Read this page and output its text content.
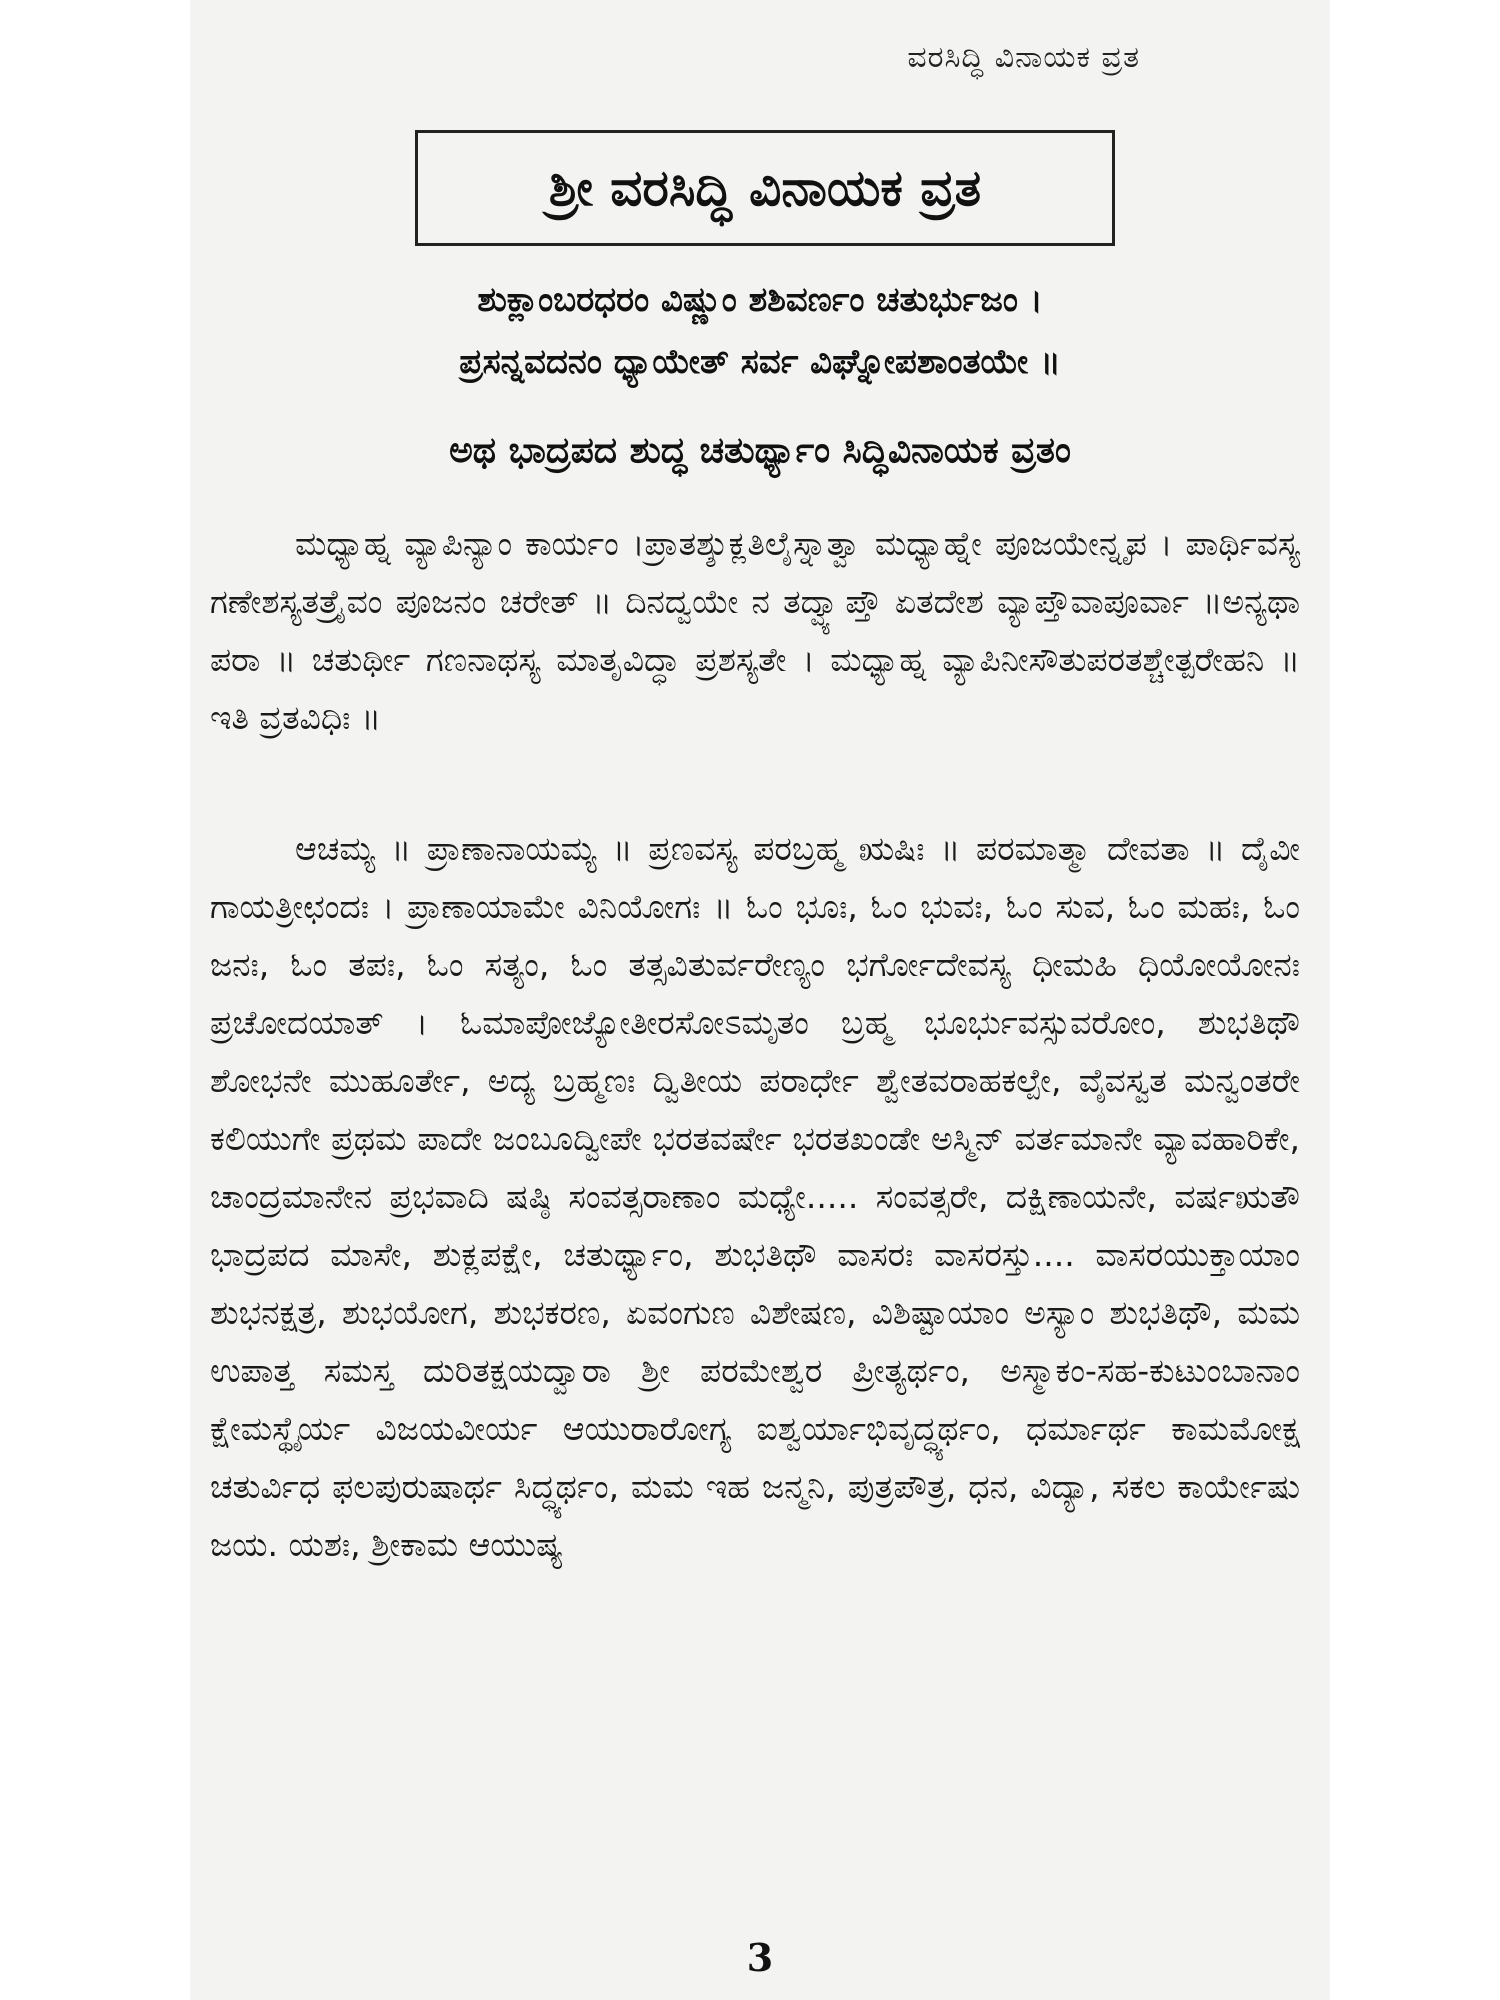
ವರಸಿದ್ಧಿ ವಿನಾಯಕ ವ್ರತ
ಶ್ರೀ ವರಸಿದ್ಧಿ ವಿನಾಯಕ ವ್ರತ
ಶುಕ್ಲಾಂಬರಧರಂ ವಿಷ್ಣುಂ ಶಶಿವರ್ಣಂ ಚತುರ್ಭುಜಂ ।
ಪ್ರಸನ್ನವದನಂ ಧ್ಯಾಯೇತ್ ಸರ್ವ ವಿಘ್ನೋಪಶಾಂತಯೇ ॥
ಅಥ ಭಾದ್ರಪದ ಶುದ್ಧ ಚತುರ್ಥ್ಯಾಂ ಸಿದ್ಧಿವಿನಾಯಕ ವ್ರತಂ

ಮಧ್ಯಾಹ್ನ ವ್ಯಾಪಿನ್ಯಾಂ ಕಾರ್ಯಂ ।ಪ್ರಾತಶ್ಶುಕ್ಲತಿಲೈಸ್ನಾತ್ವಾ ಮಧ್ಯಾಹ್ನೇ ಪೂಜಯೇನ್ನೃಪ । ಪಾರ್ಥಿವಸ್ಯ ಗಣೇಶಸ್ಯತತ್ರೈವಂ ಪೂಜನಂ ಚರೇತ್ ॥ ದಿನದ್ವಯೇ ನ ತದ್ವ್ಯಾಪ್ತೌ ಏತದೇಶ ವ್ಯಾಪ್ತೌವಾಪೂರ್ವಾ ॥ಅನ್ಯಥಾ ಪರಾ ॥ ಚತುರ್ಥೀ ಗಣನಾಥಸ್ಯ ಮಾತೃವಿದ್ಧಾ ಪ್ರಶಸ್ಯತೇ । ಮಧ್ಯಾಹ್ನ ವ್ಯಾಪಿನೀಸೌತುಪರತಶ್ಚೇತ್ಪರೇಹನಿ ॥ ಇತಿ ವ್ರತವಿಧಿಃ ॥

ಆಚಮ್ಯ ॥ ಪ್ರಾಣಾನಾಯಮ್ಯ ॥ ಪ್ರಣವಸ್ಯ ಪರಬ್ರಹ್ಮ ಋಷಿಃ ॥ ಪರಮಾತ್ಮಾ ದೇವತಾ ॥ ದೈವೀ ಗಾಯತ್ರೀಛಂದಃ । ಪ್ರಾಣಾಯಾಮೇ ವಿನಿಯೋಗಃ ॥ ಓಂ ಭೂಃ, ಓಂ ಭುವಃ, ಓಂ ಸುವ, ಓಂ ಮಹಃ, ಓಂ ಜನಃ, ಓಂ ತಪಃ, ಓಂ ಸತ್ಯಂ, ಓಂ ತತ್ಸವಿತುರ್ವರೇಣ್ಯಂ ಭರ್ಗೋದೇವಸ್ಯ ಧೀಮಹಿ ಧಿಯೋಯೋನಃ ಪ್ರಚೋದಯಾತ್ । ಓಮಾಪೋಜ್ಯೋತೀರಸೋಽಮೃತಂ ಬ್ರಹ್ಮ ಭೂರ್ಭುವಸ್ಸುವರೋಂ, ಶುಭತಿಥೌ ಶೋಭನೇ ಮುಹೂರ್ತೇ, ಅದ್ಯ ಬ್ರಹ್ಮಣಃ ದ್ವಿತೀಯ ಪರಾರ್ಧೇ ಶ್ವೇತವರಾಹಕಲ್ಪೇ, ವೈವಸ್ವತ ಮನ್ವಂತರೇ ಕಲಿಯುಗೇ ಪ್ರಥಮ ಪಾದೇ ಜಂಬೂದ್ವೀಪೇ ಭರತವರ್ಷೇ ಭರತಖಂಡೇ ಅಸ್ಮಿನ್ ವರ್ತಮಾನೇ ವ್ಯಾವಹಾರಿಕೇ, ಚಾಂದ್ರಮಾನೇನ ಪ್ರಭವಾದಿ ಷಷ್ಠಿ ಸಂವತ್ಸರಾಣಾಂ ಮಧ್ಯೇ..... ಸಂವತ್ಸರೇ, ದಕ್ಷಿಣಾಯನೇ, ವರ್ಷಋತೌ ಭಾದ್ರಪದ ಮಾಸೇ, ಶುಕ್ಲಪಕ್ಷೇ, ಚತುರ್ಥ್ಯಾಂ, ಶುಭತಿಥೌ ವಾಸರಃ ವಾಸರಸ್ತು.... ವಾಸರಯುಕ್ತಾಯಾಂ ಶುಭನಕ್ಷತ್ರ, ಶುಭಯೋಗ, ಶುಭಕರಣ, ಏವಂಗುಣ ವಿಶೇಷಣ, ವಿಶಿಷ್ಟಾಯಾಂ ಅಸ್ಯಾಂ ಶುಭತಿಥೌ, ಮಮ ಉಪಾತ್ತ ಸಮಸ್ತ ದುರಿತಕ್ಷಯದ್ವಾರಾ ಶ್ರೀ ಪರಮೇಶ್ವರ ಪ್ರೀತ್ಯರ್ಥಂ, ಅಸ್ಮಾಕಂ-ಸಹ-ಕುಟುಂಬಾನಾಂ ಕ್ಷೇಮಸ್ಥೈರ್ಯ ವಿಜಯವೀರ್ಯ ಆಯುರಾರೋಗ್ಯ ಐಶ್ವರ್ಯಾಭಿವೃದ್ಧ್ಯರ್ಥಂ, ಧರ್ಮಾರ್ಥ ಕಾಮಮೋಕ್ಷ ಚತುರ್ವಿಧ ಫಲಪುರುಷಾರ್ಥ ಸಿದ್ಧ್ಯರ್ಥಂ, ಮಮ ಇಹ ಜನ್ಮನಿ, ಪುತ್ರಪೌತ್ರ, ಧನ, ವಿದ್ಯಾ, ಸಕಲ ಕಾರ್ಯೇಷು ಜಯ. ಯಶಃ, ಶ್ರೀಕಾಮ ಆಯುಷ್ಯ

3
